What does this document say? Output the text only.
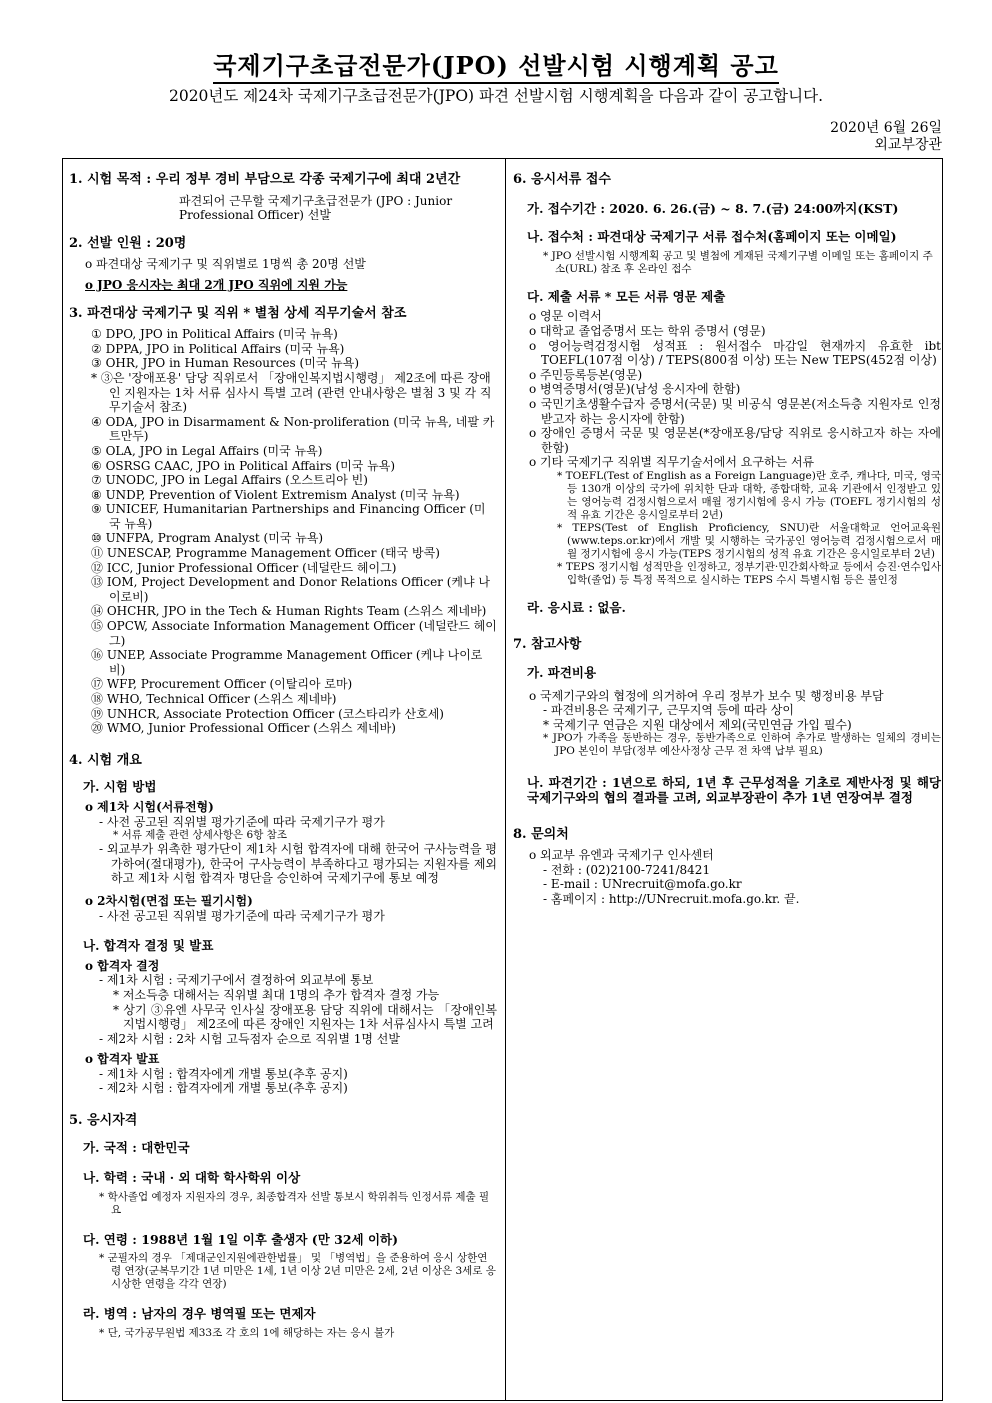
국제기구초급전문가(JPO) 선발시험 시행계획 공고
2020년도 제24차 국제기구초급전문가(JPO) 파견 선발시험 시행계획을 다음과 같이 공고합니다.
2020년 6월 26일
외교부장관
1. 시험 목적 : 우리 정부 경비 부담으로 각종 국제기구에 최대 2년간
파견되어 근무할 국제기구초급전문가 (JPO : Junior
Professional Officer) 선발
2. 선발 인원 : 20명
o 파견대상 국제기구 및 직위별로 1명씩 총 20명 선발
o JPO 응시자는 최대 2개 JPO 직위에 지원 가능
3. 파견대상 국제기구 및 직위 * 별첨 상세 직무기술서 참조
① DPO, JPO in Political Affairs (미국 뉴욕)
② DPPA, JPO in Political Affairs (미국 뉴욕)
③ OHR, JPO in Human Resources (미국 뉴욕)
* ③은 '장애포용' 담당 직위로서 「장애인복지법시행령」 제2조에 따른 장애인 지원자는 1차 서류 심사시 특별 고려 (관련 안내사항은 별첨 3 및 각 직무기술서 참조)
④ ODA, JPO in Disarmament & Non-proliferation (미국 뉴욕, 네팔 카트만두)
⑤ OLA, JPO in Legal Affairs (미국 뉴욕)
⑥ OSRSG CAAC, JPO in Political Affairs (미국 뉴욕)
⑦ UNODC, JPO in Legal Affairs (오스트리아 빈)
⑧ UNDP, Prevention of Violent Extremism Analyst (미국 뉴욕)
⑨ UNICEF, Humanitarian Partnerships and Financing Officer (미국 뉴욕)
⑩ UNFPA, Program Analyst (미국 뉴욕)
⑪ UNESCAP, Programme Management Officer (태국 방콕)
⑫ ICC, Junior Professional Officer (네덜란드 헤이그)
⑬ IOM, Project Development and Donor Relations Officer (케냐 나이로비)
⑭ OHCHR, JPO in the Tech & Human Rights Team (스위스 제네바)
⑮ OPCW, Associate Information Management Officer (네덜란드 헤이그)
⑯ UNEP, Associate Programme Management Officer (케냐 나이로비)
⑰ WFP, Procurement Officer (이탈리아 로마)
⑱ WHO, Technical Officer (스위스 제네바)
⑲ UNHCR, Associate Protection Officer (코스타리카 산호세)
⑳ WMO, Junior Professional Officer (스위스 제네바)
4. 시험 개요
가. 시험 방법
o 제1차 시험(서류전형)
- 사전 공고된 직위별 평가기준에 따라 국제기구가 평가
* 서류 제출 관련 상세사항은 6항 참조
- 외교부가 위촉한 평가단이 제1차 시험 합격자에 대해 한국어 구사능력을 평가하여(절대평가), 한국어 구사능력이 부족하다고 평가되는 지원자를 제외하고 제1차 시험 합격자 명단을 승인하여 국제기구에 통보 예정
o 2차시험(면접 또는 필기시험)
- 사전 공고된 직위별 평가기준에 따라 국제기구가 평가
나. 합격자 결정 및 발표
o 합격자 결정
- 제1차 시험 : 국제기구에서 결정하여 외교부에 통보
* 저소득층 대해서는 직위별 최대 1명의 추가 합격자 결정 가능
* 상기 ③유엔 사무국 인사실 장애포용 담당 직위에 대해서는 「장애인복지법시행령」 제2조에 따른 장애인 지원자는 1차 서류심사시 특별 고려
- 제2차 시험 : 2차 시험 고득점자 순으로 직위별 1명 선발
o 합격자 발표
- 제1차 시험 : 합격자에게 개별 통보(추후 공지)
- 제2차 시험 : 합격자에게 개별 통보(추후 공지)
5. 응시자격
가. 국적 : 대한민국
나. 학력 : 국내 · 외 대학 학사학위 이상
* 학사졸업 예정자 지원자의 경우, 최종합격자 선발 통보시 학위취득 인정서류 제출 필요
다. 연령 : 1988년 1월 1일 이후 출생자 (만 32세 이하)
* 군필자의 경우 「제대군인지원에관한법률」 및 「병역법」을 준용하여 응시 상한연령 연장(군복무기간 1년 미만은 1세, 1년 이상 2년 미만은 2세, 2년 이상은 3세로 응시상한 연령을 각각 연장)
라. 병역 : 남자의 경우 병역필 또는 면제자
* 단, 국가공무원법 제33조 각 호의 1에 해당하는 자는 응시 불가
6. 응시서류 접수
가. 접수기간 : 2020. 6. 26.(금) ~ 8. 7.(금) 24:00까지(KST)
나. 접수처 : 파견대상 국제기구 서류 접수처(홈페이지 또는 이메일)
* JPO 선발시험 시행계획 공고 및 별첨에 게재된 국제기구별 이메일 또는 홈페이지 주소(URL) 참조 후 온라인 접수
다. 제출 서류 * 모든 서류 영문 제출
o 영문 이력서
o 대학교 졸업증명서 또는 학위 증명서 (영문)
o 영어능력검정시험 성적표 : 원서접수 마감일 현재까지 유효한 ibt TOEFL(107점 이상) / TEPS(800점 이상) 또는 New TEPS(452점 이상)
o 주민등록등본(영문)
o 병역증명서(영문)(남성 응시자에 한함)
o 국민기초생활수급자 증명서(국문) 및 비공식 영문본(저소득층 지원자로 인정받고자 하는 응시자에 한함)
o 장애인 증명서 국문 및 영문본(*장애포용/담당 직위로 응시하고자 하는 자에 한함)
o 기타 국제기구 직위별 직무기술서에서 요구하는 서류
* TOEFL(Test of English as a Foreign Language)란 호주, 캐나다, 미국, 영국 등 130개 이상의 국가에 위치한 단과 대학, 종합대학, 교육 기관에서 인정받고 있는 영어능력 검정시험으로서 매월 정기시험에 응시 가능 (TOEFL 정기시험의 성적 유효 기간은 응시일로부터 2년)
* TEPS(Test of English Proficiency, SNU)란 서울대학교 언어교육원 (www.teps.or.kr)에서 개발 및 시행하는 국가공인 영어능력 검정시험으로서 매월 정기시험에 응시 가능(TEPS 정기시험의 성적 유효 기간은 응시일로부터 2년)
* TEPS 정기시험 성적만을 인정하고, 정부기관·민간회사학교 등에서 승진·연수입사입학(졸업) 등 특정 목적으로 실시하는 TEPS 수시 특별시험 등은 불인정
라. 응시료 : 없음.
7. 참고사항
가. 파견비용
o 국제기구와의 협정에 의거하여 우리 정부가 보수 및 행정비용 부담
- 파견비용은 국제기구, 근무지역 등에 따라 상이
* 국제기구 연금은 지원 대상에서 제외(국민연금 가입 필수)
* JPO가 가족을 동반하는 경우, 동반가족으로 인하여 추가로 발생하는 일체의 경비는 JPO 본인이 부담(정부 예산사정상 근무 전 차액 납부 필요)
나. 파견기간 : 1년으로 하되, 1년 후 근무성적을 기초로 제반사정 및 해당 국제기구와의 협의 결과를 고려, 외교부장관이 추가 1년 연장여부 결정
8. 문의처
o 외교부 유엔과 국제기구 인사센터
- 전화 : (02)2100-7241/8421
- E-mail : UNrecruit@mofa.go.kr
- 홈페이지 : http://UNrecruit.mofa.go.kr. 끝.
